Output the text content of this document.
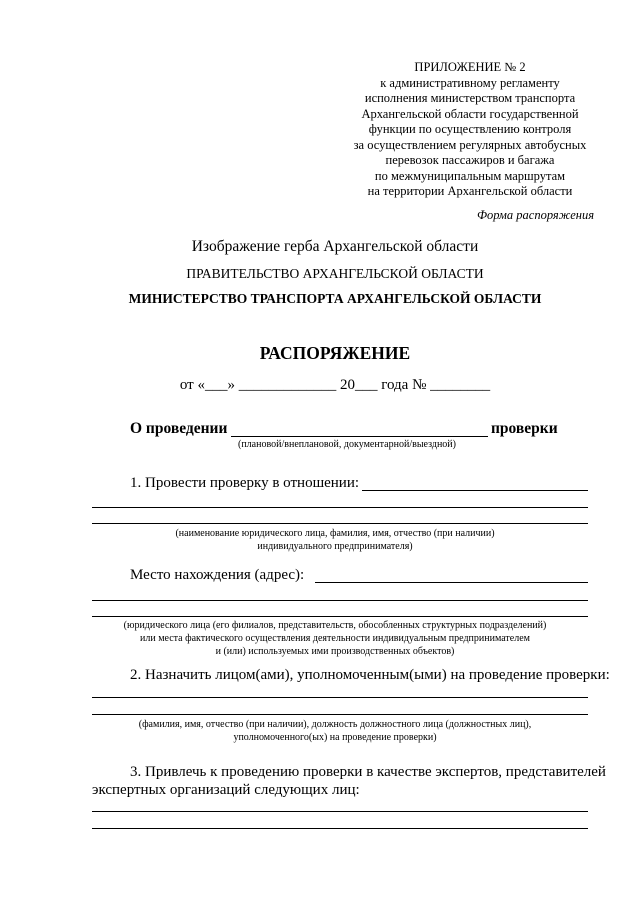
ПРИЛОЖЕНИЕ № 2
к административному регламенту
исполнения министерством транспорта
Архангельской области государственной
функции по осуществлению контроля
за осуществлением регулярных автобусных
перевозок пассажиров и багажа
по межмуниципальным маршрутам
на территории Архангельской области
Форма распоряжения
Изображение герба Архангельской области
ПРАВИТЕЛЬСТВО АРХАНГЕЛЬСКОЙ ОБЛАСТИ
МИНИСТЕРСТВО ТРАНСПОРТА АРХАНГЕЛЬСКОЙ ОБЛАСТИ
РАСПОРЯЖЕНИЕ
от «___» _____________ 20___ года № ________
О проведении	проверки
(плановой/внеплановой, документарной/выездной)
1. Провести проверку в отношении:
(наименование юридического лица, фамилия, имя, отчество (при наличии)
индивидуального предпринимателя)
Место нахождения (адрес):
(юридического лица (его филиалов, представительств, обособленных структурных подразделений)
или места фактического осуществления деятельности индивидуальным предпринимателем
и (или) используемых ими производственных объектов)
2. Назначить лицом(ами), уполномоченным(ыми) на проведение проверки:
(фамилия, имя, отчество (при наличии), должность должностного лица (должностных лиц),
уполномоченного(ых) на проведение проверки)
3. Привлечь к проведению проверки в качестве экспертов, представителей
экспертных организаций следующих лиц:
